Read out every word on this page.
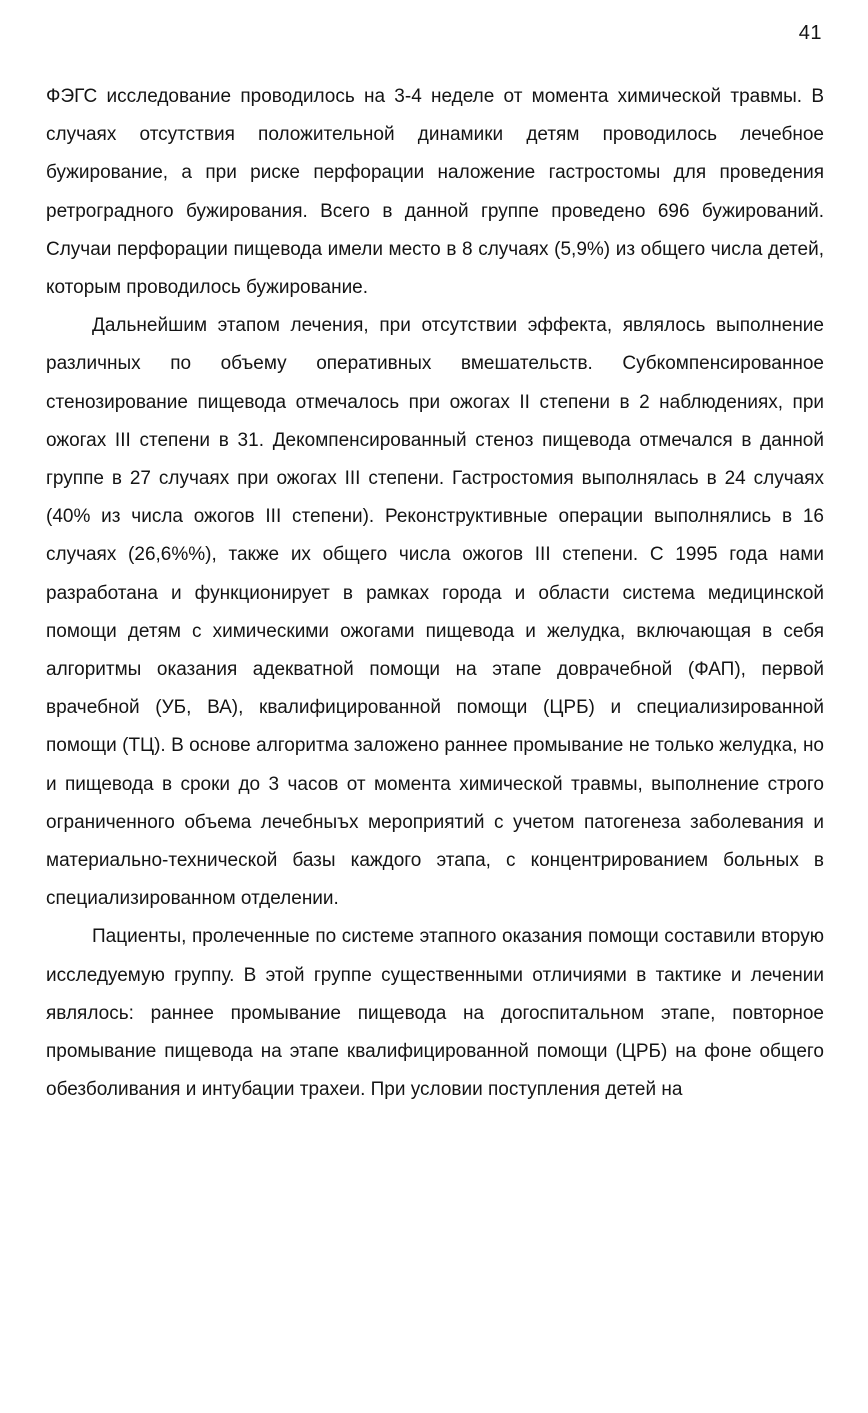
41

ФЭГС исследование проводилось на 3-4 неделе от момента химической травмы. В случаях отсутствия положительной динамики детям проводилось лечебное бужирование, а при риске перфорации наложение гастростомы для проведения ретроградного бужирования. Всего в данной группе проведено 696 бужирований. Случаи перфорации пищевода имели место в 8 случаях (5,9%) из общего числа детей, которым проводилось бужирование.

Дальнейшим этапом лечения, при отсутствии эффекта, являлось выполнение различных по объему оперативных вмешательств. Субкомпенсированное стенозирование пищевода отмечалось при ожогах II степени в 2 наблюдениях, при ожогах III степени в 31. Декомпенсированный стеноз пищевода отмечался в данной группе в 27 случаях при ожогах III степени. Гастростомия выполнялась в 24 случаях (40% из числа ожогов III степени). Реконструктивные операции выполнялись в 16 случаях (26,6%%), также их общего числа ожогов III степени. С 1995 года нами разработана и функционирует в рамках города и области система медицинской помощи детям с химическими ожогами пищевода и желудка, включающая в себя алгоритмы оказания адекватной помощи на этапе доврачебной (ФАП), первой врачебной (УБ, ВА), квалифицированной помощи (ЦРБ) и специализированной помощи (ТЦ). В основе алгоритма заложено раннее промывание не только желудка, но и пищевода в сроки до 3 часов от момента химической травмы, выполнение строго ограниченного объема лечебныъх мероприятий с учетом патогенеза заболевания и материально-технической базы каждого этапа, с концентрированием больных в специализированном отделении.

Пациенты, пролеченные по системе этапного оказания помощи составили вторую исследуемую группу. В этой группе существенными отличиями в тактике и лечении являлось: раннее промывание пищевода на догоспитальном этапе, повторное промывание пищевода на этапе квалифицированной помощи (ЦРБ) на фоне общего обезболивания и интубации трахеи. При условии поступления детей на
